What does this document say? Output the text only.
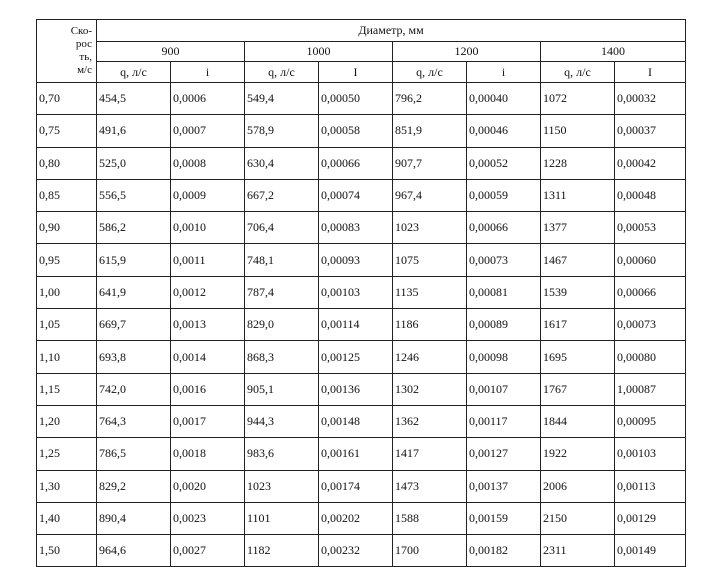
Ско-
рос
ть,
м/с	Диаметр, мм							
	900		1000		1200		1400	
	q, л/с	i	q, л/с	I	q, л/с	i	q, л/с	I
0,70	454,5	0,0006	549,4	0,00050	796,2	0,00040	1072	0,00032
0,75	491,6	0,0007	578,9	0,00058	851,9	0,00046	1150	0,00037
0,80	525,0	0,0008	630,4	0,00066	907,7	0,00052	1228	0,00042
0,85	556,5	0,0009	667,2	0,00074	967,4	0,00059	1311	0,00048
0,90	586,2	0,0010	706,4	0,00083	1023	0,00066	1377	0,00053
0,95	615,9	0,0011	748,1	0,00093	1075	0,00073	1467	0,00060
1,00	641,9	0,0012	787,4	0,00103	1135	0,00081	1539	0,00066
1,05	669,7	0,0013	829,0	0,00114	1186	0,00089	1617	0,00073
1,10	693,8	0,0014	868,3	0,00125	1246	0,00098	1695	0,00080
1,15	742,0	0,0016	905,1	0,00136	1302	0,00107	1767	1,00087
1,20	764,3	0,0017	944,3	0,00148	1362	0,00117	1844	0,00095
1,25	786,5	0,0018	983,6	0,00161	1417	0,00127	1922	0,00103
1,30	829,2	0,0020	1023	0,00174	1473	0,00137	2006	0,00113
1,40	890,4	0,0023	1101	0,00202	1588	0,00159	2150	0,00129
1,50	964,6	0,0027	1182	0,00232	1700	0,00182	2311	0,00149
